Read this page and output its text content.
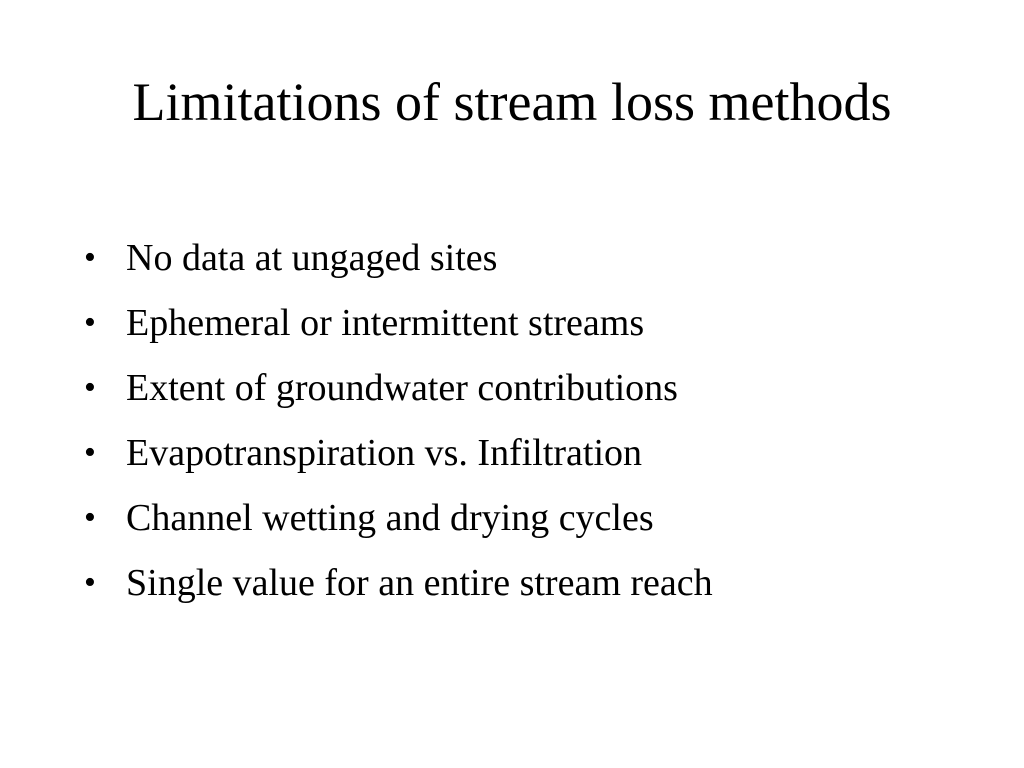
Limitations of stream loss methods
• No data at ungaged sites
• Ephemeral or intermittent streams
• Extent of groundwater contributions
• Evapotranspiration vs. Infiltration
• Channel wetting and drying cycles
• Single value for an entire stream reach
